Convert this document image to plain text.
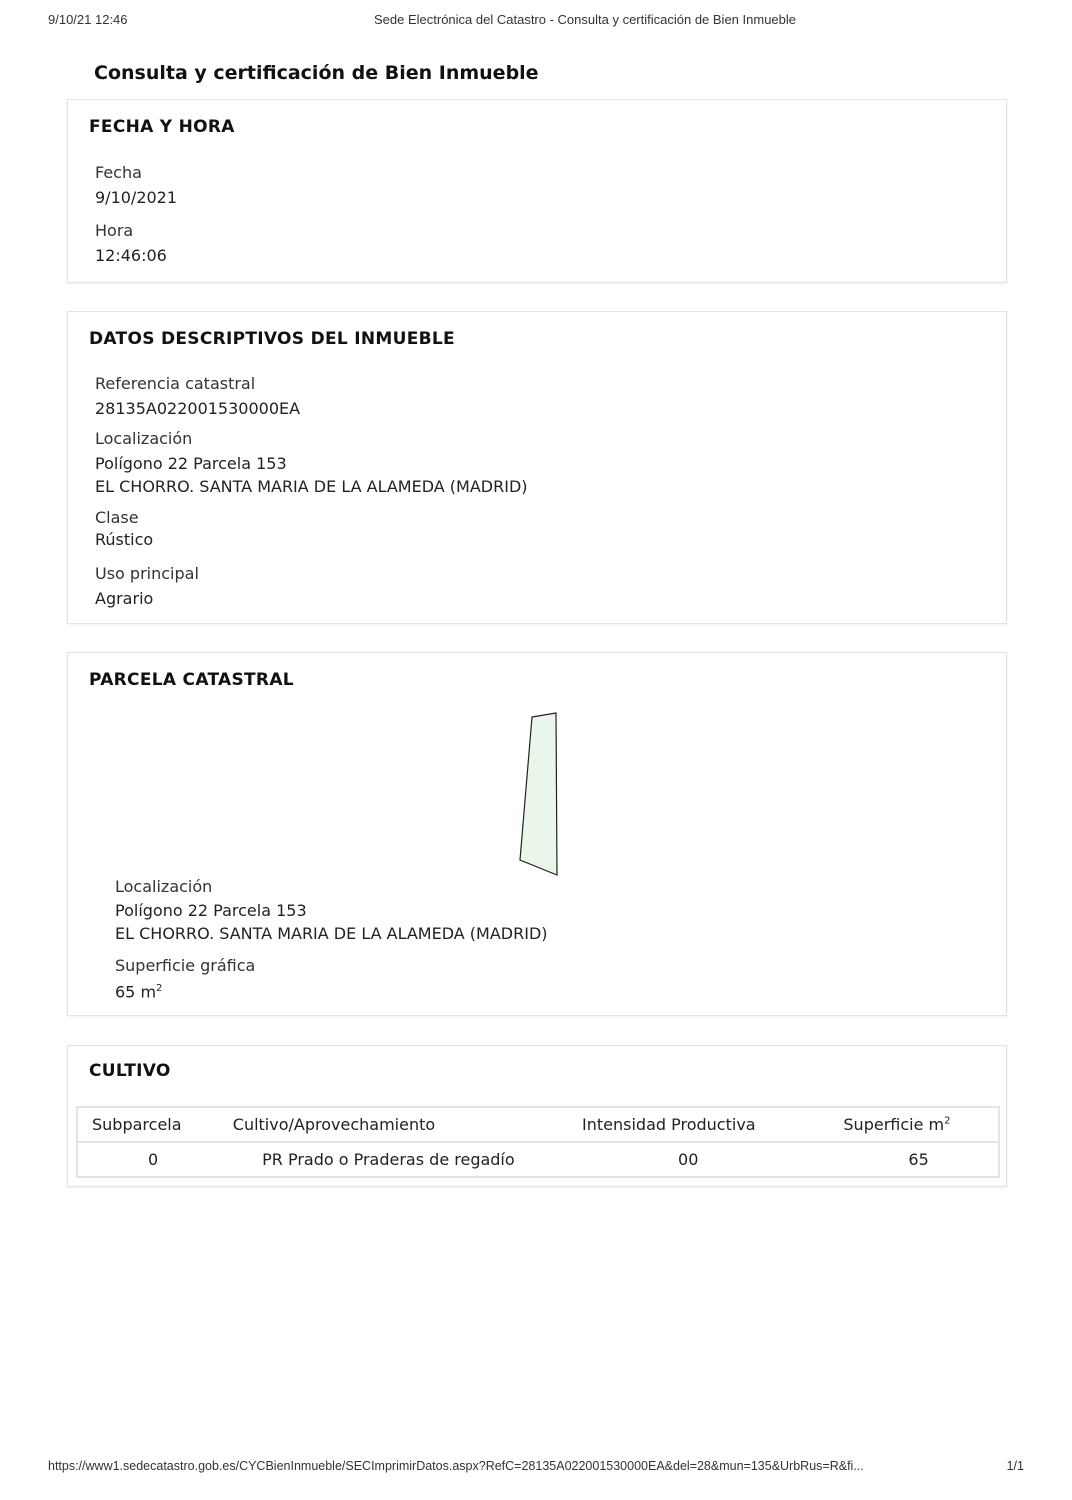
9/10/21 12:46	Sede Electrónica del Catastro - Consulta y certificación de Bien Inmueble
Consulta y certificación de Bien Inmueble
FECHA Y HORA
Fecha
9/10/2021
Hora
12:46:06
DATOS DESCRIPTIVOS DEL INMUEBLE
Referencia catastral
28135A022001530000EA
Localización
Polígono 22 Parcela 153
EL CHORRO. SANTA MARIA DE LA ALAMEDA (MADRID)
Clase
Rústico
Uso principal
Agrario
PARCELA CATASTRAL
Localización
Polígono 22 Parcela 153
EL CHORRO. SANTA MARIA DE LA ALAMEDA (MADRID)
Superficie gráfica
65 $m^2$
CULTIVO
Subparcela	Cultivo/Aprovechamiento	Intensidad Productiva	Superficie $m^2$
0	PR Prado o Praderas de regadío	00	65
https://www1.sedecatastro.gob.es/CYCBienInmueble/SECImprimirDatos.aspx?RefC=28135A022001530000EA&del=28&mun=135&UrbRus=R&fi...	1/1
